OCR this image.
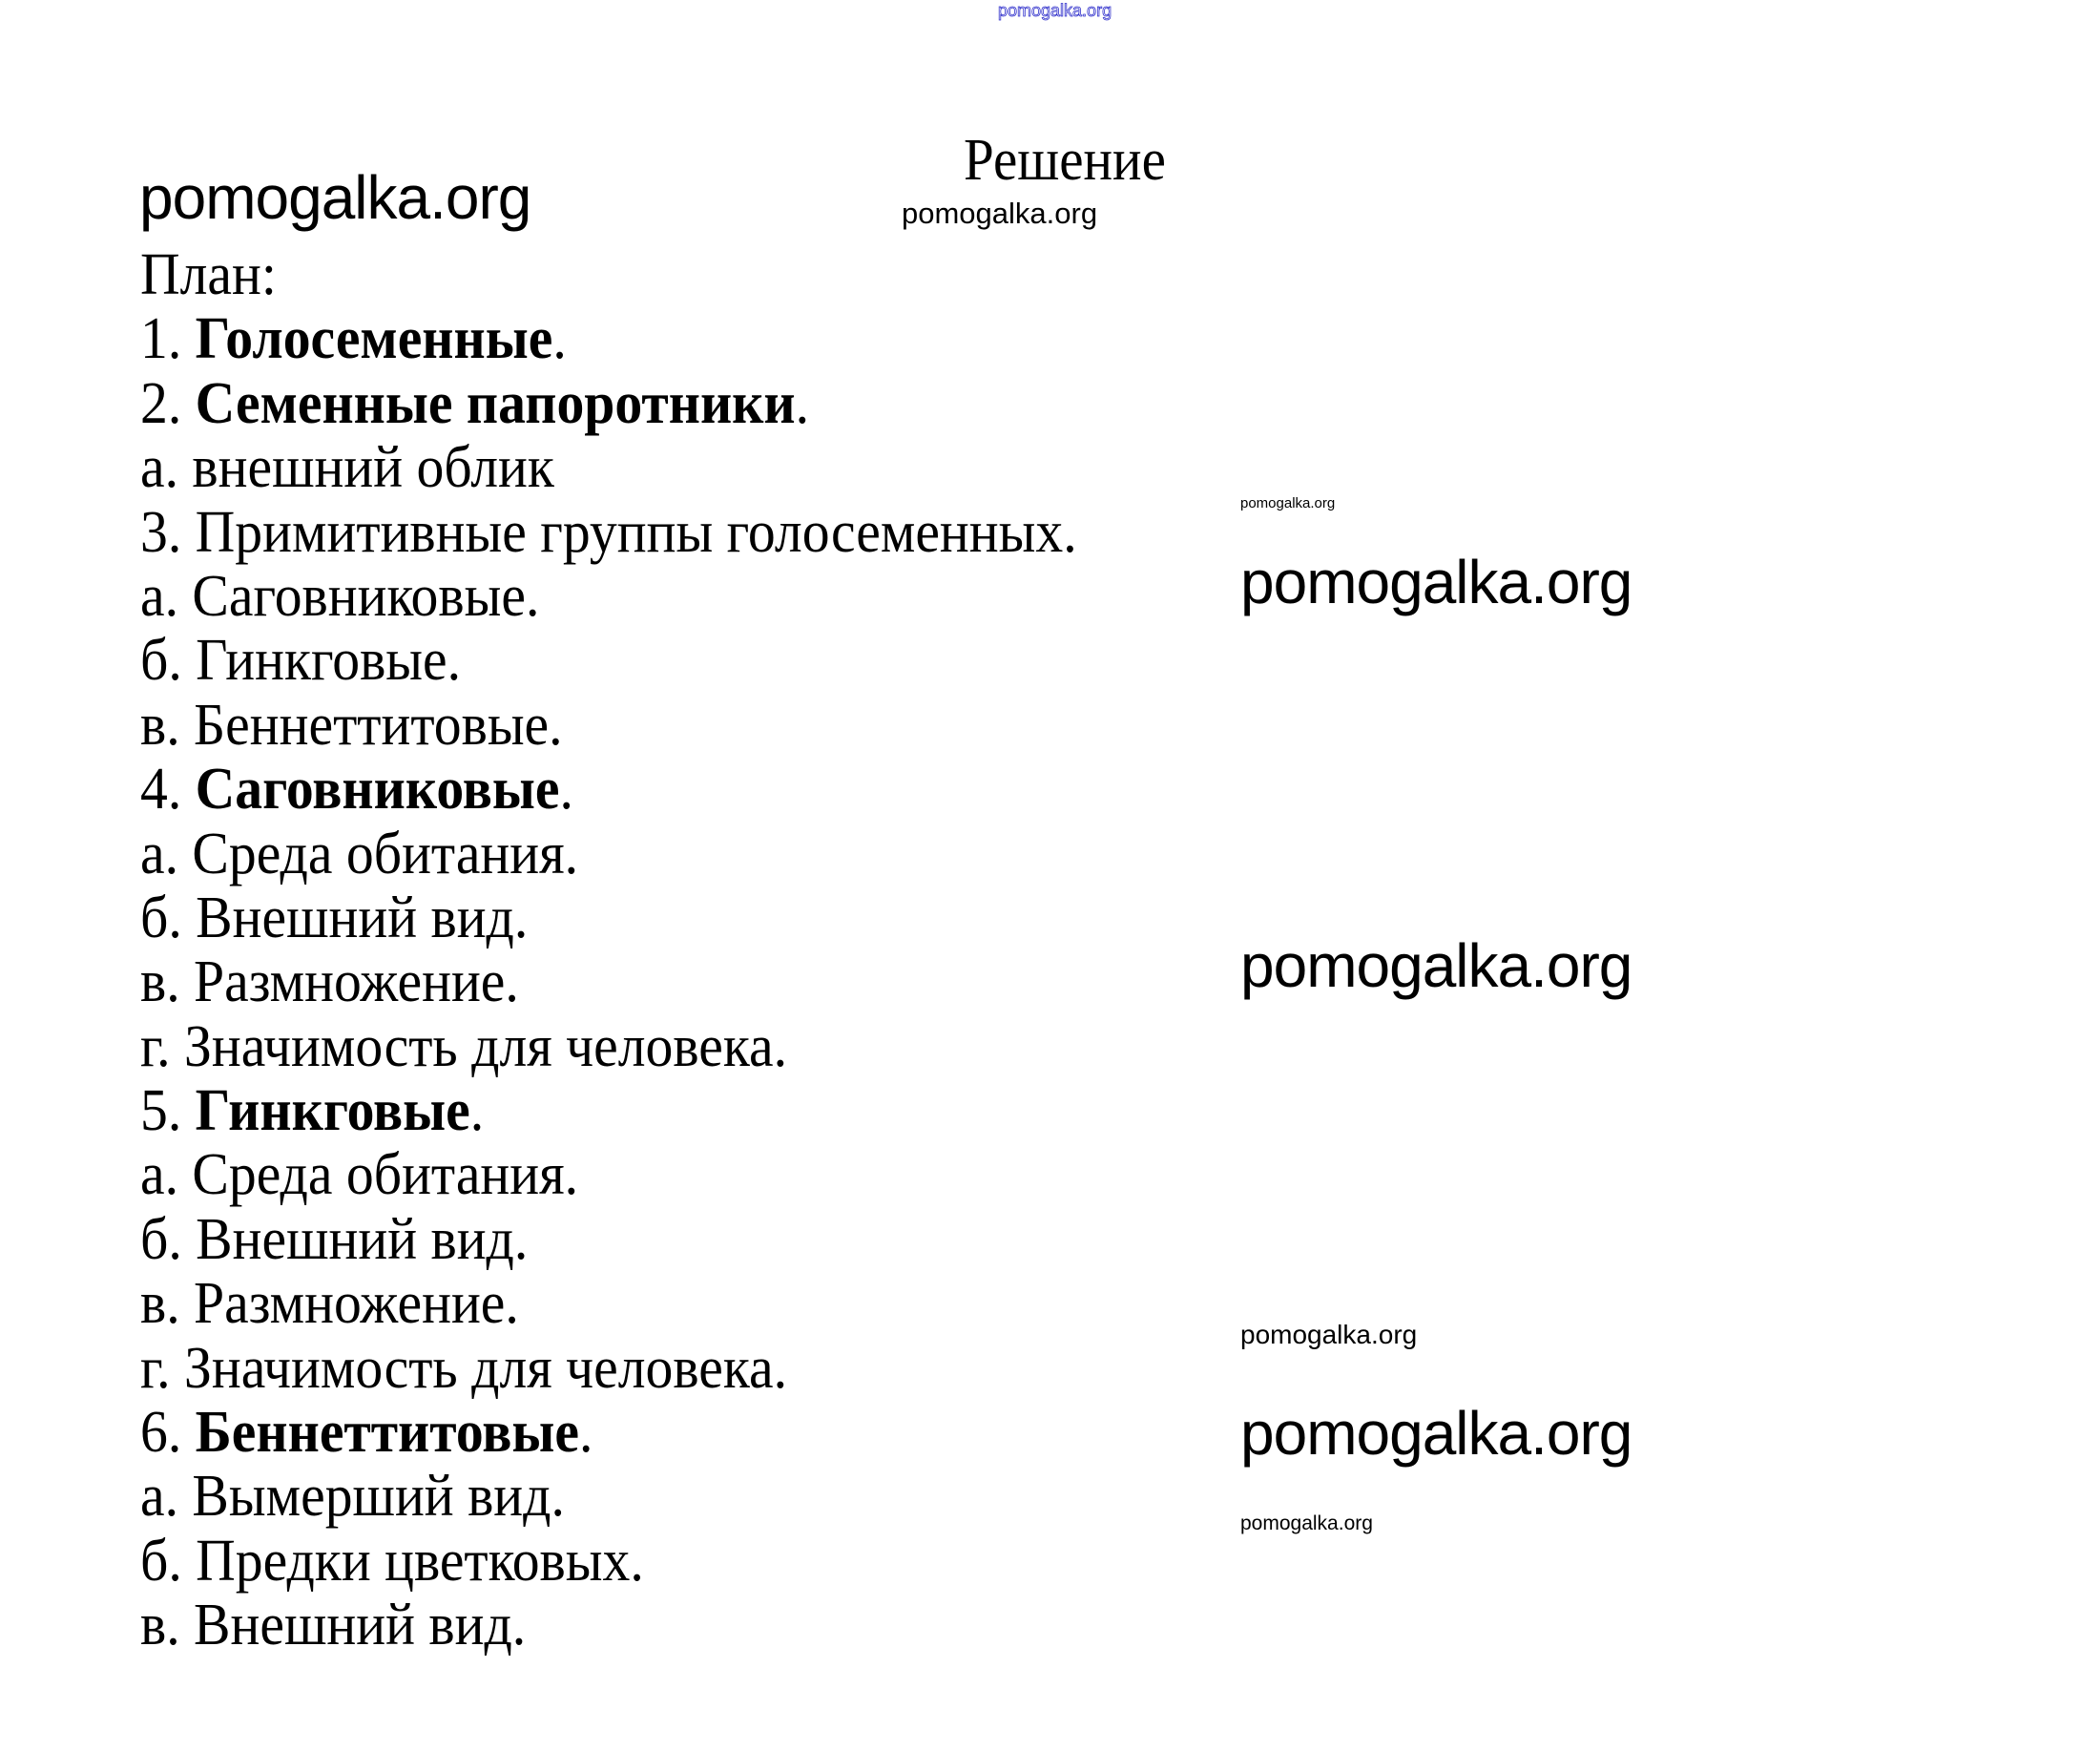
pomogalka.org
Решение
pomogalka.org	pomogalka.org
План:
1. Голосеменные.
2. Семенные папоротники.
а. внешний облик
3. Примитивные группы голосеменных.
а. Саговниковые.
б. Гинкговые.
в. Беннеттитовые.
4. Саговниковые.
а. Среда обитания.
б. Внешний вид.
в. Размножение.
г. Значимость для человека.
5. Гинкговые.
а. Среда обитания.
б. Внешний вид.
в. Размножение.
г. Значимость для человека.
6. Беннеттитовые.
а. Вымерший вид.
б. Предки цветковых.
в. Внешний вид.
pomogalka.org
pomogalka.org
pomogalka.org
pomogalka.org
pomogalka.org
pomogalka.org
